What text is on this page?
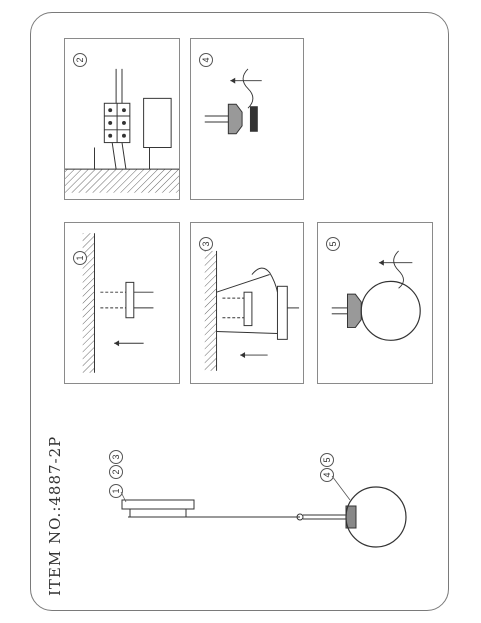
ITEM NO.:4887-2P	1
2
3
4
5
2	4
1
3	5
